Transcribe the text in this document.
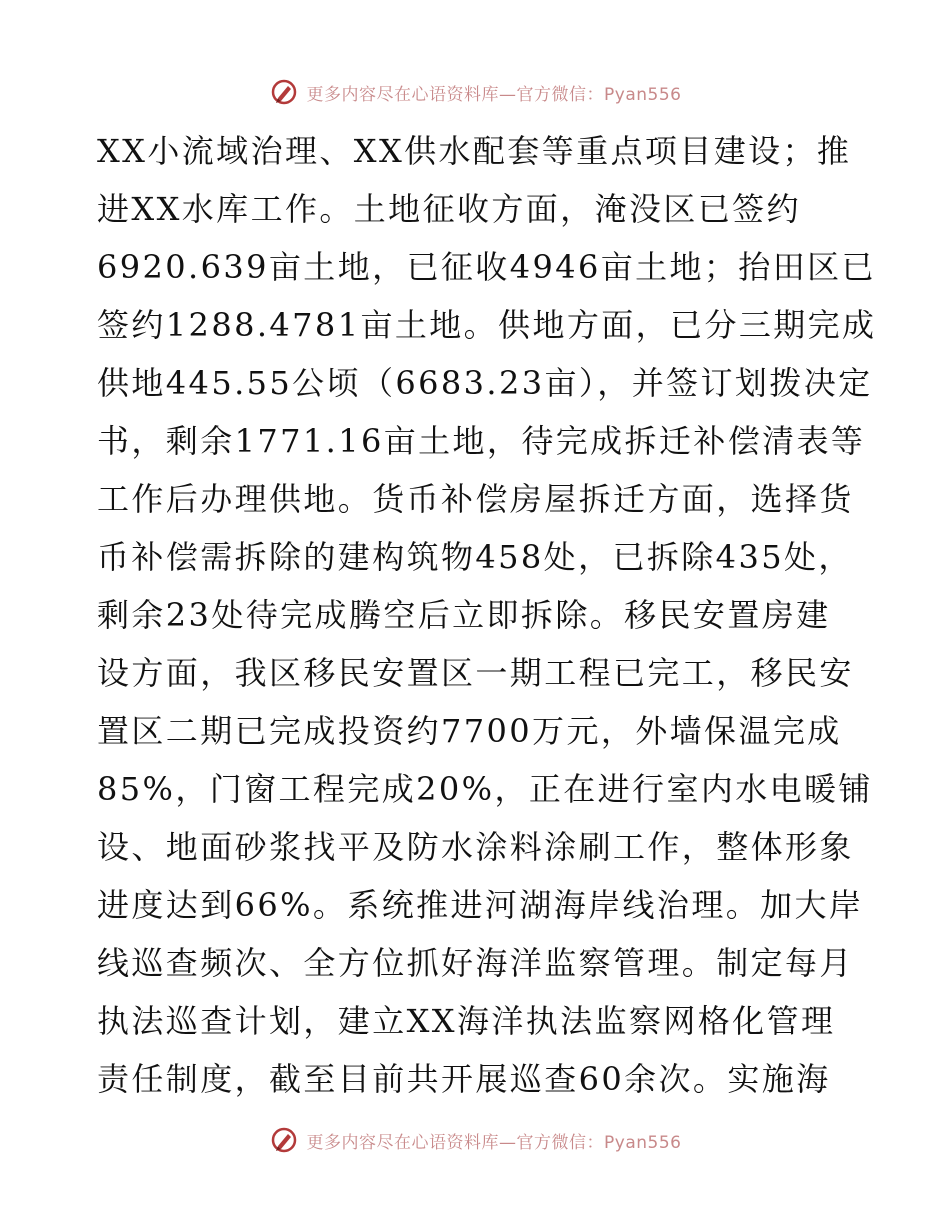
更多内容尽在心语资料库—官方微信：Pyan556
XX小流域治理、XX供水配套等重点项目建设；推
进XX水库工作。土地征收方面，淹没区已签约
6920.639亩土地，已征收4946亩土地；抬田区已
签约1288.4781亩土地。供地方面，已分三期完成
供地445.55公顷（6683.23亩），并签订划拨决定
书，剩余1771.16亩土地，待完成拆迁补偿清表等
工作后办理供地。货币补偿房屋拆迁方面，选择货
币补偿需拆除的建构筑物458处，已拆除435处，
剩余23处待完成腾空后立即拆除。移民安置房建
设方面，我区移民安置区一期工程已完工，移民安
置区二期已完成投资约7700万元，外墙保温完成
85%，门窗工程完成20%，正在进行室内水电暖铺
设、地面砂浆找平及防水涂料涂刷工作，整体形象
进度达到66%。系统推进河湖海岸线治理。加大岸
线巡查频次、全方位抓好海洋监察管理。制定每月
执法巡查计划，建立XX海洋执法监察网格化管理
责任制度，截至目前共开展巡查60余次。实施海
更多内容尽在心语资料库—官方微信：Pyan556
